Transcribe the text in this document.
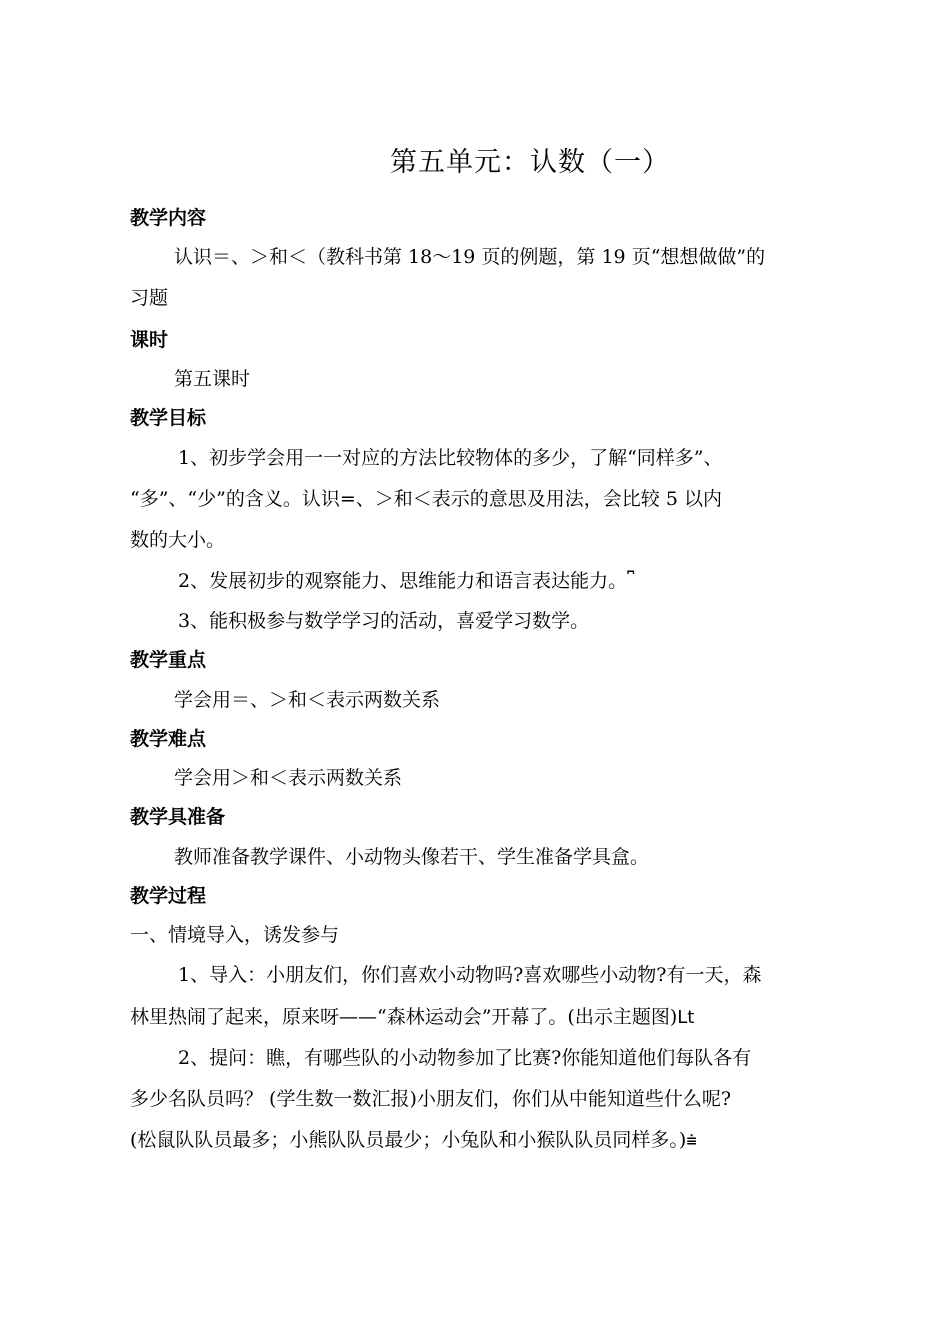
第五单元：认数（一）
教学内容
认识＝、＞和＜（教科书第 18～19 页的例题，第 19 页“想想做做”的
习题
课时
第五课时
教学目标
1、初步学会用一一对应的方法比较物体的多少，了解“同样多”、
“多”、“少”的含义。认识=、＞和＜表示的意思及用法，会比较 5 以内
数的大小。
2、发展初步的观察能力、思维能力和语言表达能力。⎴
3、能积极参与数学学习的活动，喜爱学习数学。
教学重点
学会用＝、＞和＜表示两数关系
教学难点
学会用＞和＜表示两数关系
教学具准备
教师准备教学课件、小动物头像若干、学生准备学具盒。
教学过程
一、情境导入，诱发参与
1、导入：小朋友们，你们喜欢小动物吗?喜欢哪些小动物?有一天，森
林里热闹了起来，原来呀——“森林运动会”开幕了。(出示主题图)Lt
2、提问：瞧，有哪些队的小动物参加了比赛?你能知道他们每队各有
多少名队员吗？ (学生数一数汇报)小朋友们，你们从中能知道些什么呢?
(松鼠队队员最多；小熊队队员最少；小兔队和小猴队队员同样多。)⩧
